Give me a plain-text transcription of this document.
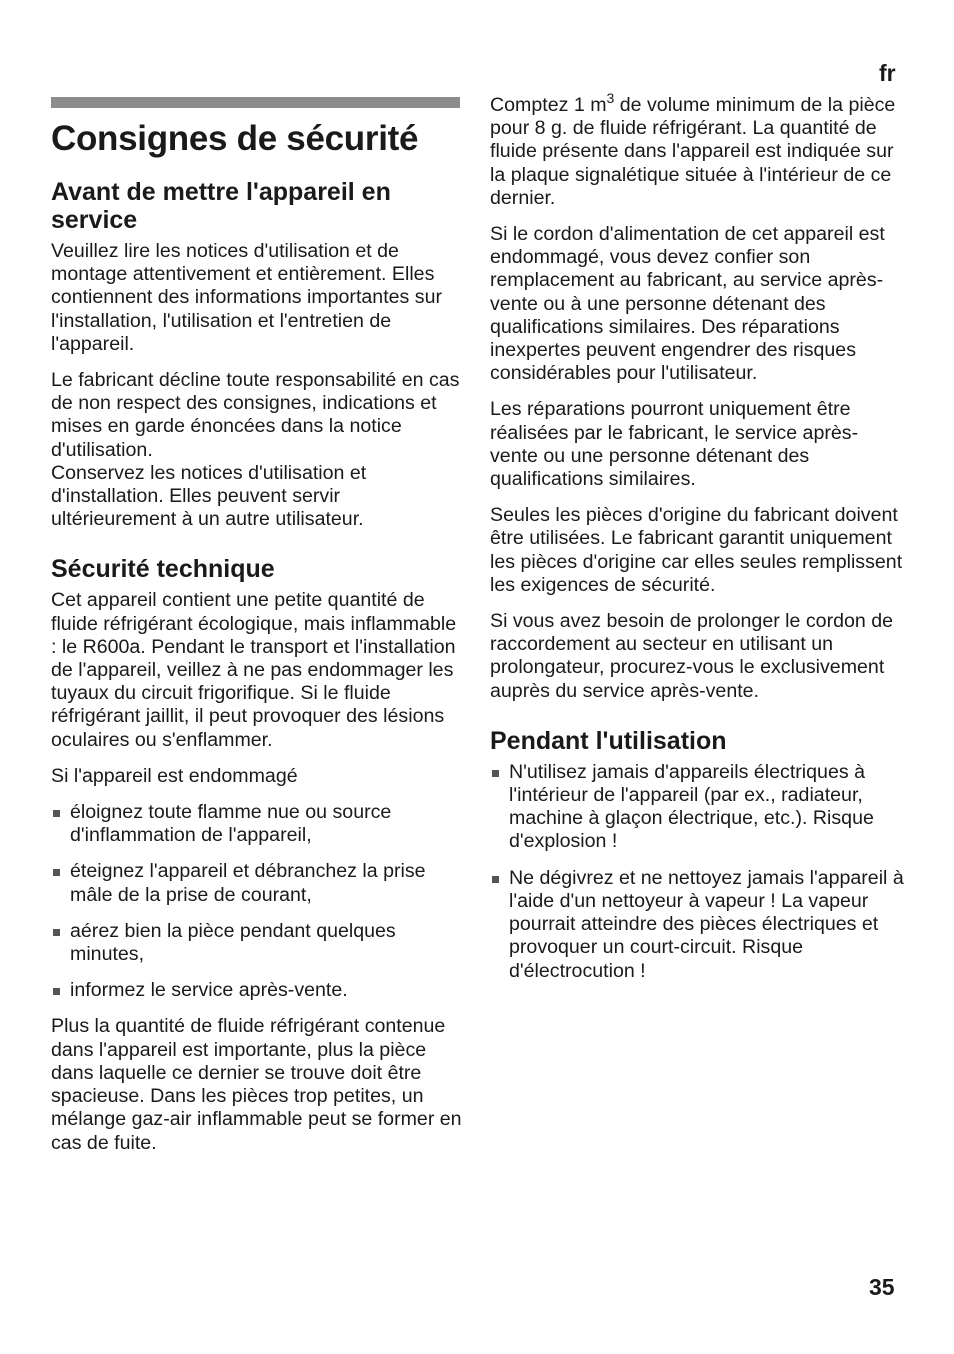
fr
35
Consignes de sécurité
Avant de mettre l'appareil en service

Veuillez lire les notices d'utilisation et de montage attentivement et entièrement. Elles contiennent des informations importantes sur l'installation, l'utilisation et l'entretien de l'appareil.

Le fabricant décline toute responsabilité en cas de non respect des consignes, indications et mises en garde énoncées dans la notice d'utilisation.

Conservez les notices d'utilisation et d'installation. Elles peuvent servir ultérieurement à un autre utilisateur.

Sécurité technique

Cet appareil contient une petite quantité de fluide réfrigérant écologique, mais inflammable : le R600a. Pendant le transport et l'installation de l'appareil, veillez à ne pas endommager les tuyaux du circuit frigorifique. Si le fluide réfrigérant jaillit, il peut provoquer des lésions oculaires ou s'enflammer.

Si l'appareil est endommagé

éloignez toute flamme nue ou source d'inflammation de l'appareil,
éteignez l'appareil et débranchez la prise mâle de la prise de courant,
aérez bien la pièce pendant quelques minutes,
informez le service après-vente.

Plus la quantité de fluide réfrigérant contenue dans l'appareil est importante, plus la pièce dans laquelle ce dernier se trouve doit être spacieuse. Dans les pièces trop petites, un mélange gaz-air inflammable peut se former en cas de fuite.

Comptez 1 $m^3$ de volume minimum de la pièce pour 8 g. de fluide réfrigérant. La quantité de fluide présente dans l'appareil est indiquée sur la plaque signalétique située à l'intérieur de ce dernier.

Si le cordon d'alimentation de cet appareil est endommagé, vous devez confier son remplacement au fabricant, au service après-vente ou à une personne détenant des qualifications similaires. Des réparations inexpertes peuvent engendrer des risques considérables pour l'utilisateur.

Les réparations pourront uniquement être réalisées par le fabricant, le service après-vente ou une personne détenant des qualifications similaires.

Seules les pièces d'origine du fabricant doivent être utilisées. Le fabricant garantit uniquement les pièces d'origine car elles seules remplissent les exigences de sécurité.

Si vous avez besoin de prolonger le cordon de raccordement au secteur en utilisant un prolongateur, procurez-vous le exclusivement auprès du service après-vente.

Pendant l'utilisation
N'utilisez jamais d'appareils électriques à l'intérieur de l'appareil (par ex., radiateur, machine à glaçon électrique, etc.). Risque d'explosion !
Ne dégivrez et ne nettoyez jamais l'appareil à l'aide d'un nettoyeur à vapeur ! La vapeur pourrait atteindre des pièces électriques et provoquer un court-circuit. Risque d'électrocution !
